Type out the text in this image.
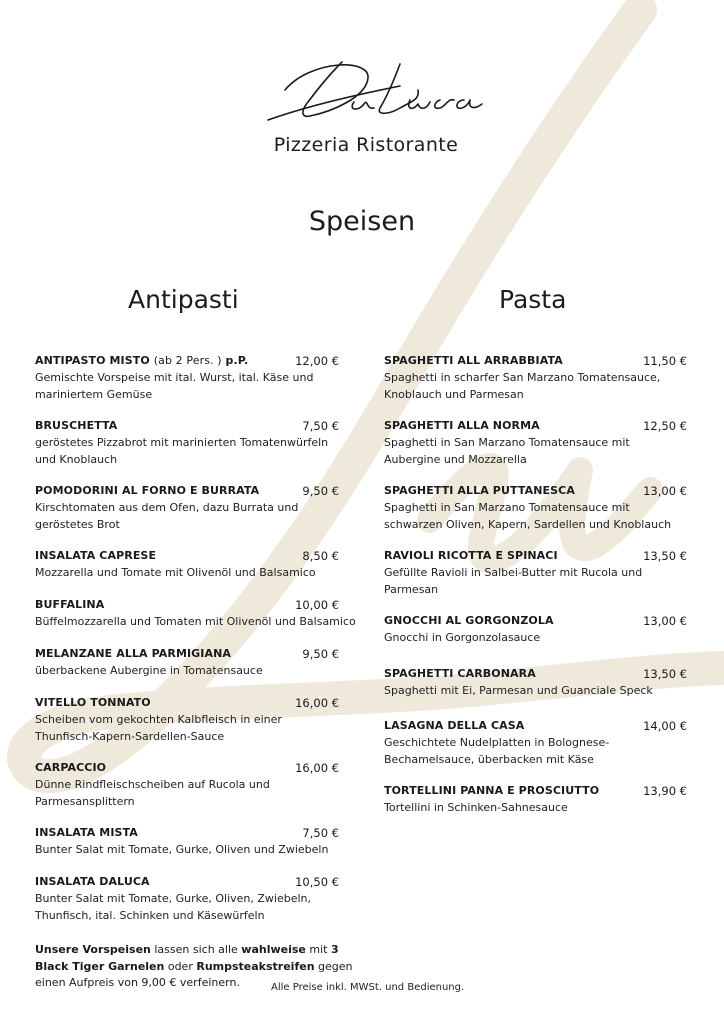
Pizzeria Ristorante
Speisen
Antipasti	Pasta
ANTIPASTO MISTO (ab 2 Pers. ) p.P.	12,00 €
Gemischte Vorspeise mit ital. Wurst, ital. Käse und
mariniertem Gemüse
BRUSCHETTA	7,50 €
geröstetes Pizzabrot mit marinierten Tomatenwürfeln
und Knoblauch
POMODORINI AL FORNO E BURRATA	9,50 €
Kirschtomaten aus dem Ofen, dazu Burrata und
geröstetes Brot
INSALATA CAPRESE	8,50 €
Mozzarella und Tomate mit Olivenöl und Balsamico
BUFFALINA	10,00 €
Büffelmozzarella und Tomaten mit Olivenöl und Balsamico
MELANZANE ALLA PARMIGIANA	9,50 €
überbackene Aubergine in Tomatensauce
VITELLO TONNATO	16,00 €
Scheiben vom gekochten Kalbfleisch in einer
Thunfisch-Kapern-Sardellen-Sauce
CARPACCIO	16,00 €
Dünne Rindfleischscheiben auf Rucola und
Parmesansplittern
INSALATA MISTA	7,50 €
Bunter Salat mit Tomate, Gurke, Oliven und Zwiebeln
INSALATA DALUCA	10,50 €
Bunter Salat mit Tomate, Gurke, Oliven, Zwiebeln,
Thunfisch, ital. Schinken und Käsewürfeln
SPAGHETTI ALL ARRABBIATA	11,50 €
Spaghetti in scharfer San Marzano Tomatensauce,
Knoblauch und Parmesan
SPAGHETTI ALLA NORMA	12,50 €
Spaghetti in San Marzano Tomatensauce mit
Aubergine und Mozzarella
SPAGHETTI ALLA PUTTANESCA	13,00 €
Spaghetti in San Marzano Tomatensauce mit
schwarzen Oliven, Kapern, Sardellen und Knoblauch
RAVIOLI RICOTTA E SPINACI	13,50 €
Gefüllte Ravioli in Salbei-Butter mit Rucola und
Parmesan
GNOCCHI AL GORGONZOLA	13,00 €
Gnocchi in Gorgonzolasauce
SPAGHETTI CARBONARA	13,50 €
Spaghetti mit Ei, Parmesan und Guanciale Speck
LASAGNA DELLA CASA	14,00 €
Geschichtete Nudelplatten in Bolognese-
Bechamelsauce, überbacken mit Käse
TORTELLINI PANNA E PROSCIUTTO	13,90 €
Tortellini in Schinken-Sahnesauce

Unsere Vorspeisen lassen sich alle wahlweise mit 3 Black Tiger Garnelen oder Rumpsteakstreifen gegen einen Aufpreis von 9,00 € verfeinern.	Alle Preise inkl. MWSt. und Bedienung.
